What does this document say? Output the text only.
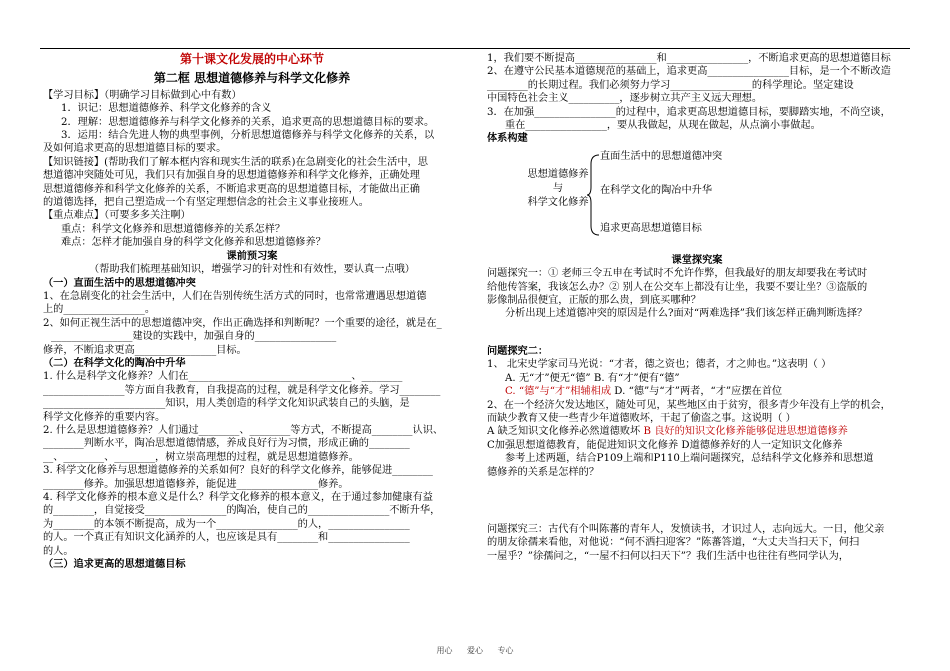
第十课文化发展的中心环节
第二框 思想道德修养与科学文化修养
【学习目标】（明确学习目标做到心中有数）
1．识记：思想道德修养、科学文化修养的含义
2．理解：思想道德修养与科学文化修养的关系，追求更高的思想道德目标的要求。
3．运用：结合先进人物的典型事例，分析思想道德修养与科学文化修养的关系，以
及如何追求更高的思想道德目标的要求。
【知识链接】(帮助我们了解本框内容和现实生活的联系)在急剧变化的社会生活中，思
想道德冲突随处可见，我们只有加强自身的思想道德修养和科学文化修养，正确处理
思想道德修养和科学文化修养的关系，不断追求更高的思想道德目标，才能做出正确
的道德选择，把自己塑造成一个有坚定理想信念的社会主义事业接班人。
【重点难点】（可要多多关注啊）
重点：科学文化修养和思想道德修养的关系怎样？
难点：怎样才能加强自身的科学文化修养和思想道德修养？
课前预习案
（帮助我们梳理基础知识，增强学习的针对性和有效性，要认真一点哦）
（一）直面生活中的思想道德冲突
1、在急剧变化的社会生活中，人们在告别传统生活方式的同时，也常常遭遇思想道德
上的________________。
2、如何正视生活中的思想道德冲突，作出正确选择和判断呢？一个重要的途径，就是在_
________________建设的实践中，加强自身的________________
修养，不断追求更高________________目标。
（二）在科学文化的陶冶中升华
1. 什么是科学文化修养？人们在________________________________、________
________________等方面自我教育，自我提高的过程，就是科学文化修养。学习________
________________________知识，用人类创造的科学文化知识武装自己的头脑，是
科学文化修养的重要内容。
2. 什么是思想道德修养？人们通过________、________等方式，不断提高________认识、
________判断水平，陶冶思想道德情感，养成良好行为习惯，形成正确的________
__、________、________，树立崇高理想的过程，就是思想道德修养。
3. 科学文化修养与思想道德修养的关系如何？良好的科学文化修养，能够促进________
________修养。加强思想道德修养，能促进________________修养。
4. 科学文化修养的根本意义是什么？科学文化修养的根本意义，在于通过参加健康有益
的________，自觉接受________________的陶冶，使自己的________________不断升华，
为________的本领不断提高，成为一个________________的人，________________
的人。一个真正有知识文化涵养的人，也应该是具有________和________________
的人。
（三）追求更高的思想道德目标
1，我们要不断提高________________和________________，不断追求更高的思想道德目标
2、在遵守公民基本道德规范的基础上，追求更高________________目标，是一个不断改造
________的长期过程。我们必须努力学习________________的科学理论。坚定建设
中国特色社会主义__________，逐步树立共产主义远大理想。
3．在加强________________的过程中，追求更高思想道德目标，要脚踏实地，不尚空谈，
重在________________，要从我做起，从现在做起，从点滴小事做起。
体系构建
思想道德修养
与
科学文化修养
直面生活中的思想道德冲突
在科学文化的陶冶中升华
追求更高思想道德目标
课堂探究案
问题探究一：① 老师三令五申在考试时不允许作弊，但我最好的朋友却要我在考试时
给他传答案，我该怎么办？② 别人在公交车上都没有让坐，我要不要让坐？③盗版的
影像制品很便宜，正版的那么贵，到底买哪种？
分析出现上述道德冲突的原因是什么?面对“两难选择”我们该怎样正确判断选择？
问题探究二：
1、 北宋史学家司马光说：“才者，德之资也；德者，才之帅也。”这表明（ ）
A. 无“才”便无“德” B. 有“才”便有“德”
C. “德”与“才”相辅相成 D. “德”与“才”两者，“才”应摆在首位
2、在一个经济欠发达地区，随处可见，某些地区由于贫穷，很多青少年没有上学的机会，
而缺少教育又使一些青少年道德败坏，干起了偷盗之事。这说明（ ）
A 缺乏知识文化修养必然道德败坏 B 良好的知识文化修养能够促进思想道德修养
C加强思想道德教育，能促进知识文化修养 D道德修养好的人一定知识文化修养
参考上述两题，结合P109上端和P110上端问题探究，总结科学文化修养和思想道
德修养的关系是怎样的？
问题探究三：古代有个叫陈蕃的青年人，发愤读书，才识过人，志向远大。一日，他父亲
的朋友徐孺来看他，对他说：“何不洒扫迎客？”陈蕃答道，“大丈夫当扫天下，何扫
一屋乎？”徐孺问之，“一屋不扫何以扫天下”？我们生活中也往往有些同学认为，
用心 爱心 专心
